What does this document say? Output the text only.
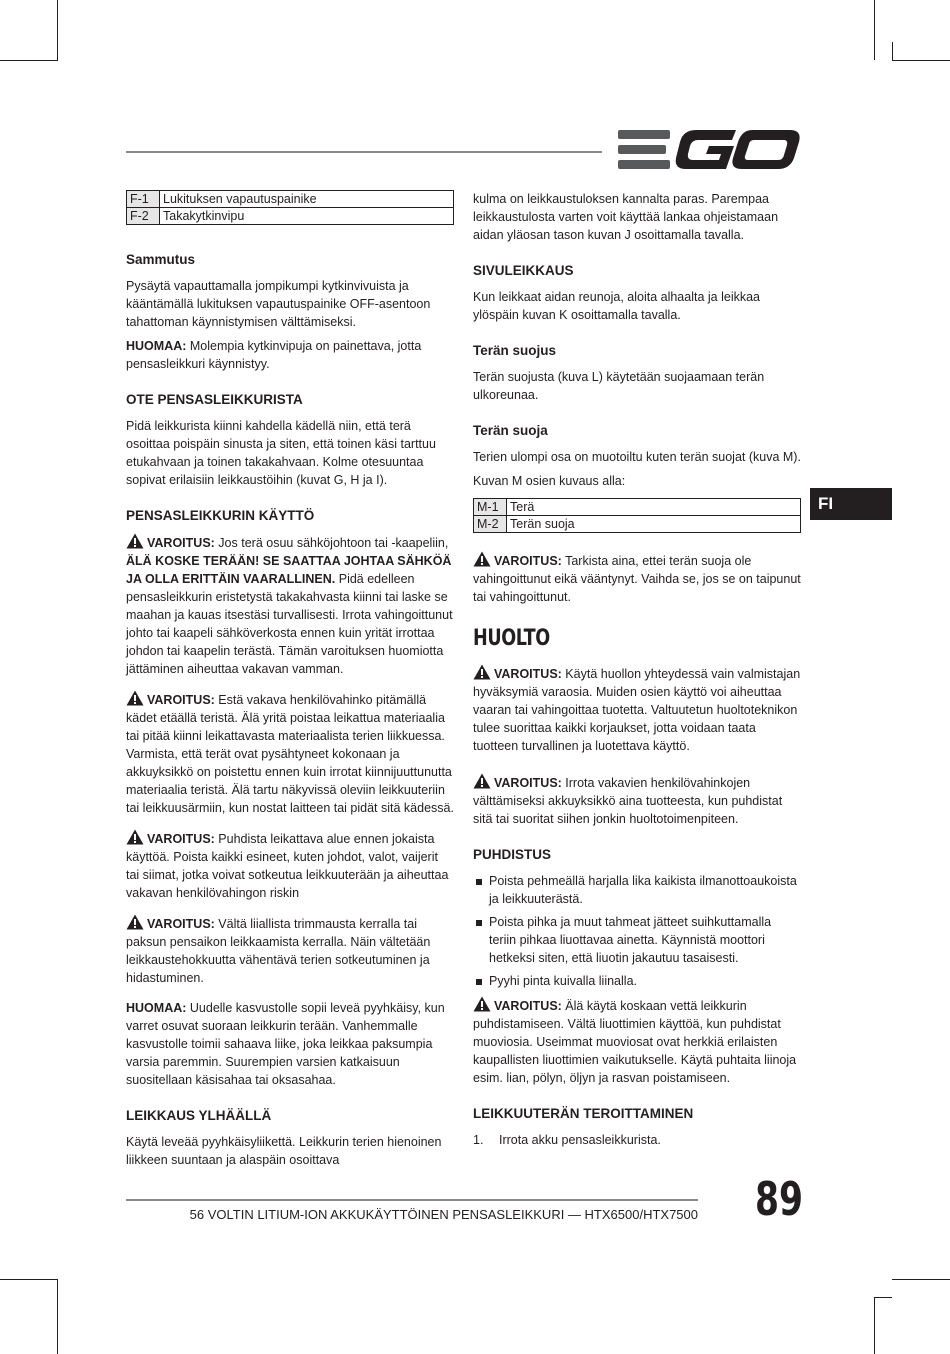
F-1	Lukituksen vapautuspainike
F-2	Takakytkinvipu
Sammutus

Pysäytä vapauttamalla jompikumpi kytkinvivuista ja kääntämällä lukituksen vapautuspainike OFF-asentoon tahattoman käynnistymisen välttämiseksi.

HUOMAA: Molempia kytkinvipuja on painettava, jotta pensasleikkuri käynnistyy.

OTE PENSASLEIKKURISTA

Pidä leikkurista kiinni kahdella kädellä niin, että terä osoittaa poispäin sinusta ja siten, että toinen käsi tarttuu etukahvaan ja toinen takakahvaan. Kolme otesuuntaa sopivat erilaisiin leikkaustöihin (kuvat G, H ja I).

PENSASLEIKKURIN KÄYTTÖ

VAROITUS: Jos terä osuu sähköjohtoon tai -kaapeliin, ÄLÄ KOSKE TERÄÄN! SE SAATTAA JOHTAA SÄHKÖÄ JA OLLA ERITTÄIN VAARALLINEN. Pidä edelleen pensasleikkurin eristetystä takakahvasta kiinni tai laske se maahan ja kauas itsestäsi turvallisesti. Irrota vahingoittunut johto tai kaapeli sähköverkosta ennen kuin yrität irrottaa johdon tai kaapelin terästä. Tämän varoituksen huomiotta jättäminen aiheuttaa vakavan vamman.

VAROITUS: Estä vakava henkilövahinko pitämällä kädet etäällä teristä. Älä yritä poistaa leikattua materiaalia tai pitää kiinni leikattavasta materiaalista terien liikkuessa. Varmista, että terät ovat pysähtyneet kokonaan ja akkuyksikkö on poistettu ennen kuin irrotat kiinnijuuttunutta materiaalia teristä. Älä tartu näkyvissä oleviin leikkuuteriin tai leikkuusärmiin, kun nostat laitteen tai pidät sitä kädessä.

VAROITUS: Puhdista leikattava alue ennen jokaista käyttöä. Poista kaikki esineet, kuten johdot, valot, vaijerit tai siimat, jotka voivat sotkeutua leikkuuterään ja aiheuttaa vakavan henkilövahingon riskin

VAROITUS: Vältä liiallista trimmausta kerralla tai paksun pensaikon leikkaamista kerralla. Näin vältetään leikkaustehokkuutta vähentävä terien sotkeutuminen ja hidastuminen.

HUOMAA: Uudelle kasvustolle sopii leveä pyyhkäisy, kun varret osuvat suoraan leikkurin terään. Vanhemmalle kasvustolle toimii sahaava liike, joka leikkaa paksumpia varsia paremmin. Suurempien varsien katkaisuun suositellaan käsisahaa tai oksasahaa.

LEIKKAUS YLHÄÄLLÄ

Käytä leveää pyyhkäisyliikettä. Leikkurin terien hienoinen liikkeen suuntaan ja alaspäin osoittava

kulma on leikkaustuloksen kannalta paras. Parempaa leikkaustulosta varten voit käyttää lankaa ohjeistamaan aidan yläosan tason kuvan J osoittamalla tavalla.

SIVULEIKKAUS

Kun leikkaat aidan reunoja, aloita alhaalta ja leikkaa ylöspäin kuvan K osoittamalla tavalla.

Terän suojus

Terän suojusta (kuva L) käytetään suojaamaan terän ulkoreunaa.

Terän suoja

Terien ulompi osa on muotoiltu kuten terän suojat (kuva M).

Kuvan M osien kuvaus alla:

M-1	Terä
M-2	Terän suoja

VAROITUS: Tarkista aina, ettei terän suoja ole vahingoittunut eikä vääntynyt. Vaihda se, jos se on taipunut tai vahingoittunut.

HUOLTO

VAROITUS: Käytä huollon yhteydessä vain valmistajan hyväksymiä varaosia. Muiden osien käyttö voi aiheuttaa vaaran tai vahingoittaa tuotetta. Valtuutetun huoltoteknikon tulee suorittaa kaikki korjaukset, jotta voidaan taata tuotteen turvallinen ja luotettava käyttö.

VAROITUS: Irrota vakavien henkilövahinkojen välttämiseksi akkuyksikkö aina tuotteesta, kun puhdistat sitä tai suoritat siihen jonkin huoltotoimenpiteen.

PUHDISTUS
Poista pehmeällä harjalla lika kaikista ilmanottoaukoista ja leikkuuterästä.
Poista pihka ja muut tahmeat jätteet suihkuttamalla teriin pihkaa liuottavaa ainetta. Käynnistä moottori hetkeksi siten, että liuotin jakautuu tasaisesti.
Pyyhi pinta kuivalla liinalla.

VAROITUS: Älä käytä koskaan vettä leikkurin puhdistamiseen. Vältä liuottimien käyttöä, kun puhdistat muoviosia. Useimmat muoviosat ovat herkkiä erilaisten kaupallisten liuottimien vaikutukselle. Käytä puhtaita liinoja esim. lian, pölyn, öljyn ja rasvan poistamiseen.

LEIKKUUTERÄN TEROITTAMINEN
1. Irrota akku pensasleikkurista.
FI
56 VOLTIN LITIUM-ION AKKUKÄYTTÖINEN PENSASLEIKKURI — HTX6500/HTX7500 89
